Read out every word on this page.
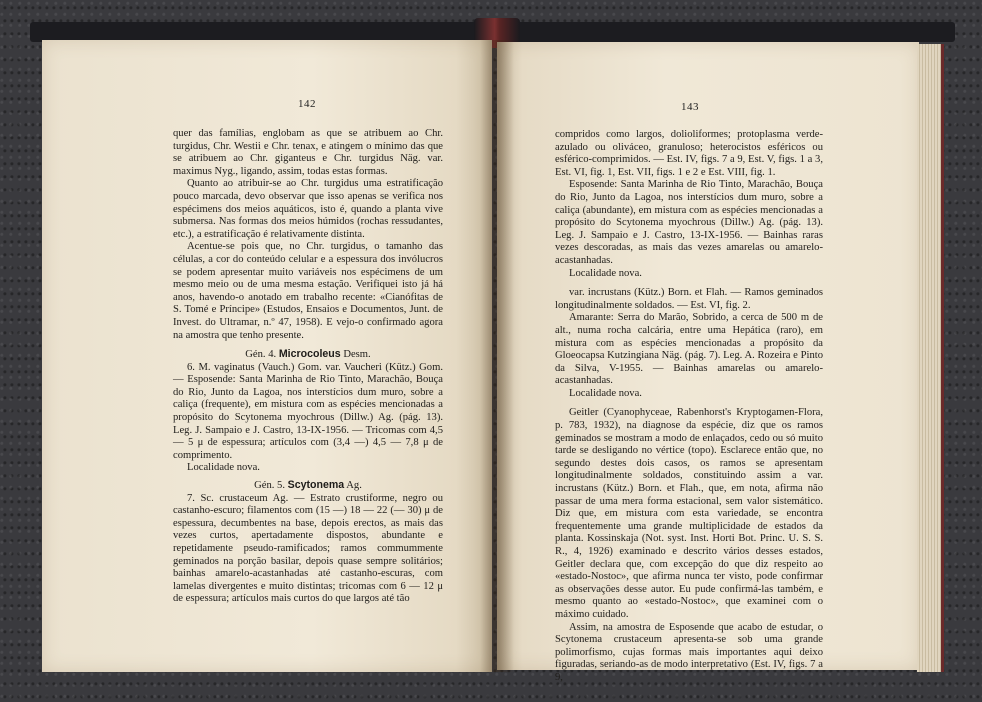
142	143

quer das famílias, englobam as que se atribuem ao Chr. turgidus, Chr. Westii e Chr. tenax, e atingem o mínimo das que se atribuem ao Chr. giganteus e Chr. turgidus Näg. var. maximus Nyg., ligando, assim, todas estas formas.

Quanto ao atribuir-se ao Chr. turgidus uma estratificação pouco marcada, devo observar que isso apenas se verifica nos espécimens dos meios aquáticos, isto é, quando a planta vive submersa. Nas formas dos meios húmidos (rochas ressudantes, etc.), a estratificação é relativamente distinta.

Acentue-se pois que, no Chr. turgidus, o tamanho das células, a cor do conteúdo celular e a espessura dos invólucros se podem apresentar muito variáveis nos espécimens de um mesmo meio ou de uma mesma estação. Verifiquei isto já há anos, havendo-o anotado em trabalho recente: «Cianófitas de S. Tomé e Príncipe» (Estudos, Ensaios e Documentos, Junt. de Invest. do Ultramar, n.º 47, 1958). E vejo-o confirmado agora na amostra que tenho presente.

Gén. 4. Microcoleus Desm.

6. M. vaginatus (Vauch.) Gom. var. Vaucheri (Kütz.) Gom. — Esposende: Santa Marinha de Rio Tinto, Marachão, Bouça do Rio, Junto da Lagoa, nos interstícios dum muro, sobre a caliça (frequente), em mistura com as espécies mencionadas a propósito do Scytonema myochrous (Dillw.) Ag. (pág. 13). Leg. J. Sampaio e J. Castro, 13-IX-1956. — Tricomas com 4,5 — 5 μ de espessura; artículos com (3,4 —) 4,5 — 7,8 μ de comprimento.

Localidade nova.

Gén. 5. Scytonema Ag.

7. Sc. crustaceum Ag. — Estrato crustiforme, negro ou castanho-escuro; filamentos com (15 —) 18 — 22 (— 30) μ de espessura, decumbentes na base, depois erectos, as mais das vezes curtos, apertadamente dispostos, abundante e repetidamente pseudo-ramificados; ramos commummente geminados na porção basilar, depois quase sempre solitários; bainhas amarelo-acastanhadas até castanho-escuras, com lamelas divergentes e muito distintas; tricomas com 6 — 12 μ de espessura; artículos mais curtos do que largos até tão

compridos como largos, dolioliformes; protoplasma verde-azulado ou oliváceo, granuloso; heterocistos esféricos ou esférico-comprimidos. — Est. IV, figs. 7 a 9, Est. V, figs. 1 a 3, Est. VI, fig. 1, Est. VII, figs. 1 e 2 e Est. VIII, fig. 1.

Esposende: Santa Marinha de Rio Tinto, Marachão, Bouça do Rio, Junto da Lagoa, nos interstícios dum muro, sobre a caliça (abundante), em mistura com as espécies mencionadas a propósito do Scytonema myochrous (Dillw.) Ag. (pág. 13). Leg. J. Sampaio e J. Castro, 13-IX-1956. — Bainhas raras vezes descoradas, as mais das vezes amarelas ou amarelo-acastanhadas.

Localidade nova.

var. incrustans (Kütz.) Born. et Flah. — Ramos geminados longitudinalmente soldados. — Est. VI, fig. 2.

Amarante: Serra do Marão, Sobrido, a cerca de 500 m de alt., numa rocha calcária, entre uma Hepática (raro), em mistura com as espécies mencionadas a propósito da Gloeocapsa Kutzingiana Näg. (pág. 7). Leg. A. Rozeira e Pinto da Silva, V-1955. — Bainhas amarelas ou amarelo-acastanhadas.

Localidade nova.

Geitler (Cyanophyceae, Rabenhorst's Kryptogamen-Flora, p. 783, 1932), na diagnose da espécie, diz que os ramos geminados se mostram a modo de enlaçados, cedo ou só muito tarde se desligando no vértice (topo). Esclarece então que, no segundo destes dois casos, os ramos se apresentam longitudinalmente soldados, constituindo assim a var. incrustans (Kütz.) Born. et Flah., que, em nota, afirma não passar de uma mera forma estacional, sem valor sistemático. Diz que, em mistura com esta variedade, se encontra frequentemente uma grande multiplicidade de estados da planta. Kossinskaja (Not. syst. Inst. Horti Bot. Princ. U. S. S. R., 4, 1926) examinado e descrito vários desses estados, Geitler declara que, com excepção do que diz respeito ao «estado-Nostoc», que afirma nunca ter visto, pode confirmar as observações desse autor. Eu pude confirmá-las também, e mesmo quanto ao «estado-Nostoc», que examinei com o máximo cuidado.

Assim, na amostra de Esposende que acabo de estudar, o Scytonema crustaceum apresenta-se sob uma grande polimorfismo, cujas formas mais importantes aqui deixo figuradas, seriando-as de modo interpretativo (Est. IV, figs. 7 a 9,
